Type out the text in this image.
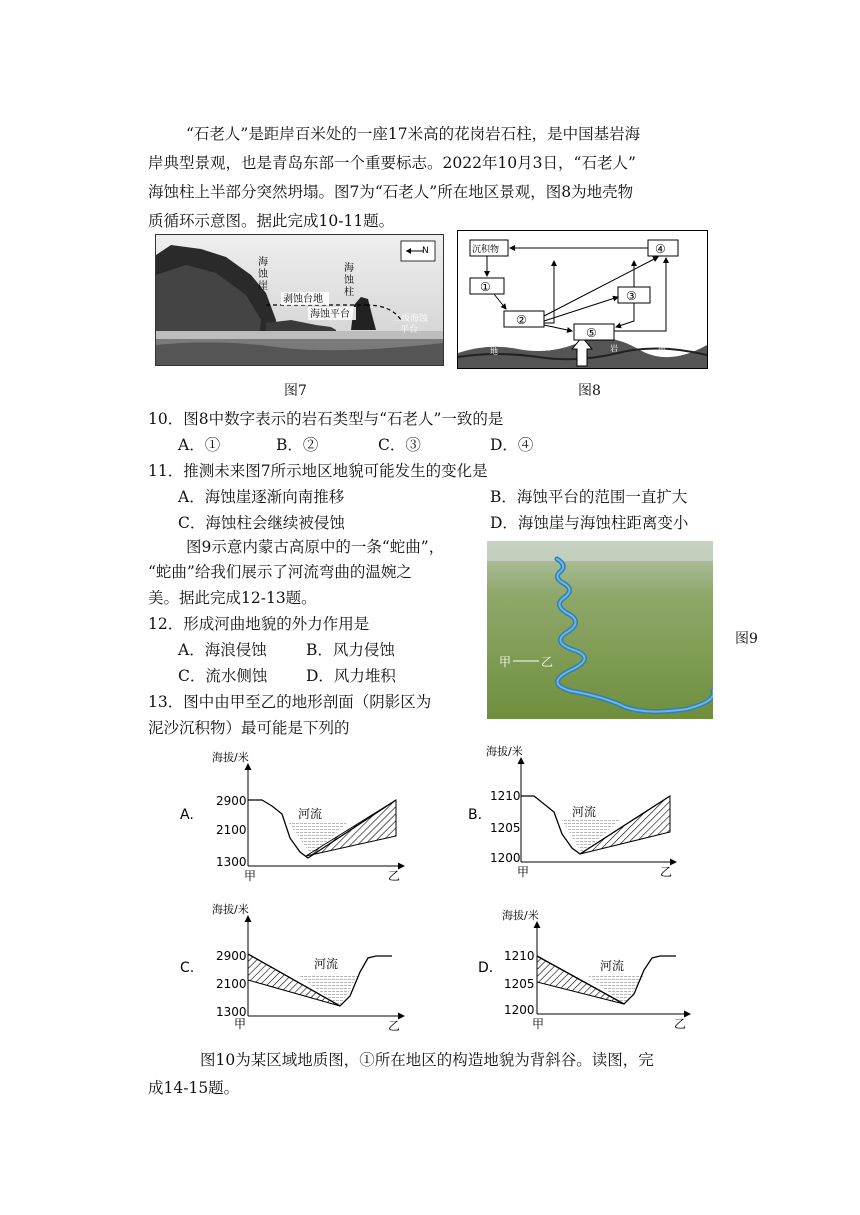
“石老人”是距岸百米处的一座17米高的花岗岩石柱，是中国基岩海
岸典型景观，也是青岛东部一个重要标志。2022年10月3日，“石老人”
海蚀柱上半部分突然坍塌。图7为“石老人”所在地区景观，图8为地壳物
质循环示意图。据此完成10-11题。
N
海
蚀
崖
海
蚀
柱
剥蚀台地
海蚀平台	二级海蚀
平台
图7
地	面	岩	面
沉积物	④
①
③
②
⑤
图8
10．图8中数字表示的岩石类型与“石老人”一致的是
A．①	B．②	C．③	D．④
11．推测未来图7所示地区地貌可能发生的变化是
A．海蚀崖逐渐向南推移	B．海蚀平台的范围一直扩大
C．海蚀柱会继续被侵蚀	D．海蚀崖与海蚀柱距离变小
图9示意内蒙古高原中的一条“蛇曲”，
“蛇曲”给我们展示了河流弯曲的温婉之
美。据此完成12-13题。
12．形成河曲地貌的外力作用是
A．海浪侵蚀	B．风力侵蚀
C．流水侧蚀 D．风力堆积
13．图中由甲至乙的地形剖面（阴影区为
泥沙沉积物）最可能是下列的
甲 乙
图9
A.
海拔/米
2900
2100
1300
河流
甲	乙
B.
海拔/米
1210
1205
1200
河流
甲	乙
C.
海拔/米
2900
2100
1300
河流
甲	乙
D.
海拔/米
1210
1205
1200
河流
甲	乙
图10为某区域地质图，①所在地区的构造地貌为背斜谷。读图，完
成14-15题。
